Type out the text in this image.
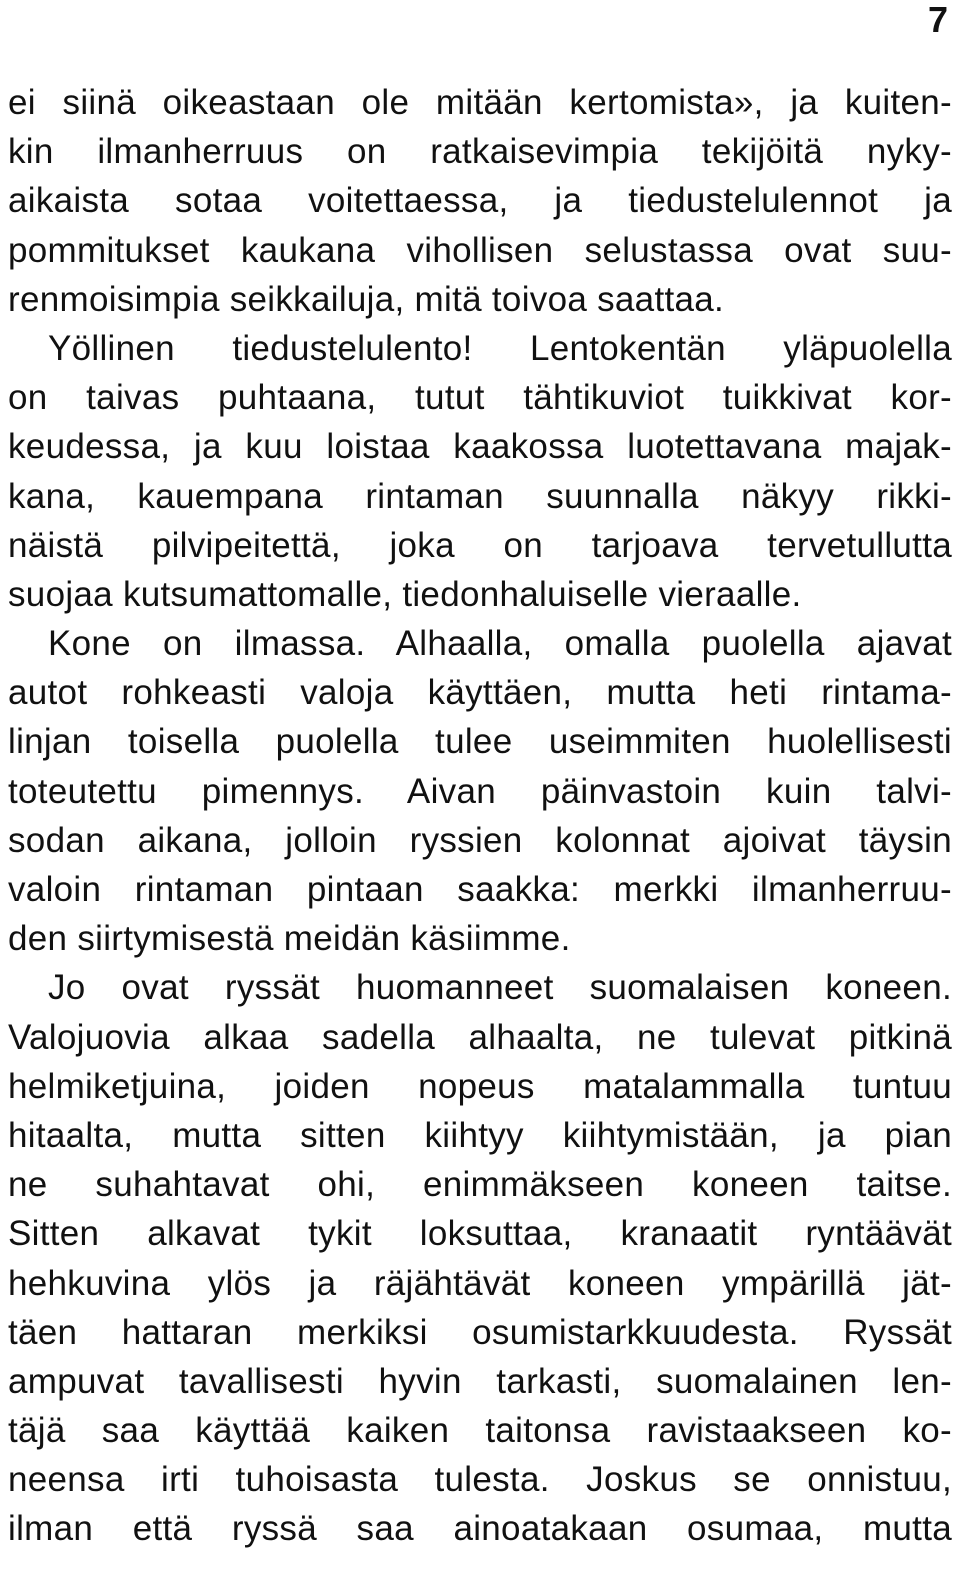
7
ei siinä oikeastaan ole mitään kertomista», ja kuiten-
kin ilmanherruus on ratkaisevimpia tekijöitä nyky-
aikaista sotaa voitettaessa, ja tiedustelulennot ja
pommitukset kaukana vihollisen selustassa ovat suu-
renmoisimpia seikkailuja, mitä toivoa saattaa.
Yöllinen tiedustelulento! Lentokentän yläpuolella
on taivas puhtaana, tutut tähtikuviot tuikkivat kor-
keudessa, ja kuu loistaa kaakossa luotettavana majak-
kana, kauempana rintaman suunnalla näkyy rikki-
näistä pilvipeitettä, joka on tarjoava tervetullutta
suojaa kutsumattomalle, tiedonhaluiselle vieraalle.
Kone on ilmassa. Alhaalla, omalla puolella ajavat
autot rohkeasti valoja käyttäen, mutta heti rintama-
linjan toisella puolella tulee useimmiten huolellisesti
toteutettu pimennys. Aivan päinvastoin kuin talvi-
sodan aikana, jolloin ryssien kolonnat ajoivat täysin
valoin rintaman pintaan saakka: merkki ilmanherruu-
den siirtymisestä meidän käsiimme.
Jo ovat ryssät huomanneet suomalaisen koneen.
Valojuovia alkaa sadella alhaalta, ne tulevat pitkinä
helmiketjuina, joiden nopeus matalammalla tuntuu
hitaalta, mutta sitten kiihtyy kiihtymistään, ja pian
ne suhahtavat ohi, enimmäkseen koneen taitse.
Sitten alkavat tykit loksuttaa, kranaatit ryntäävät
hehkuvina ylös ja räjähtävät koneen ympärillä jät-
täen hattaran merkiksi osumistarkkuudesta. Ryssät
ampuvat tavallisesti hyvin tarkasti, suomalainen len-
täjä saa käyttää kaiken taitonsa ravistaakseen ko-
neensa irti tuhoisasta tulesta. Joskus se onnistuu,
ilman että ryssä saa ainoatakaan osumaa, mutta
